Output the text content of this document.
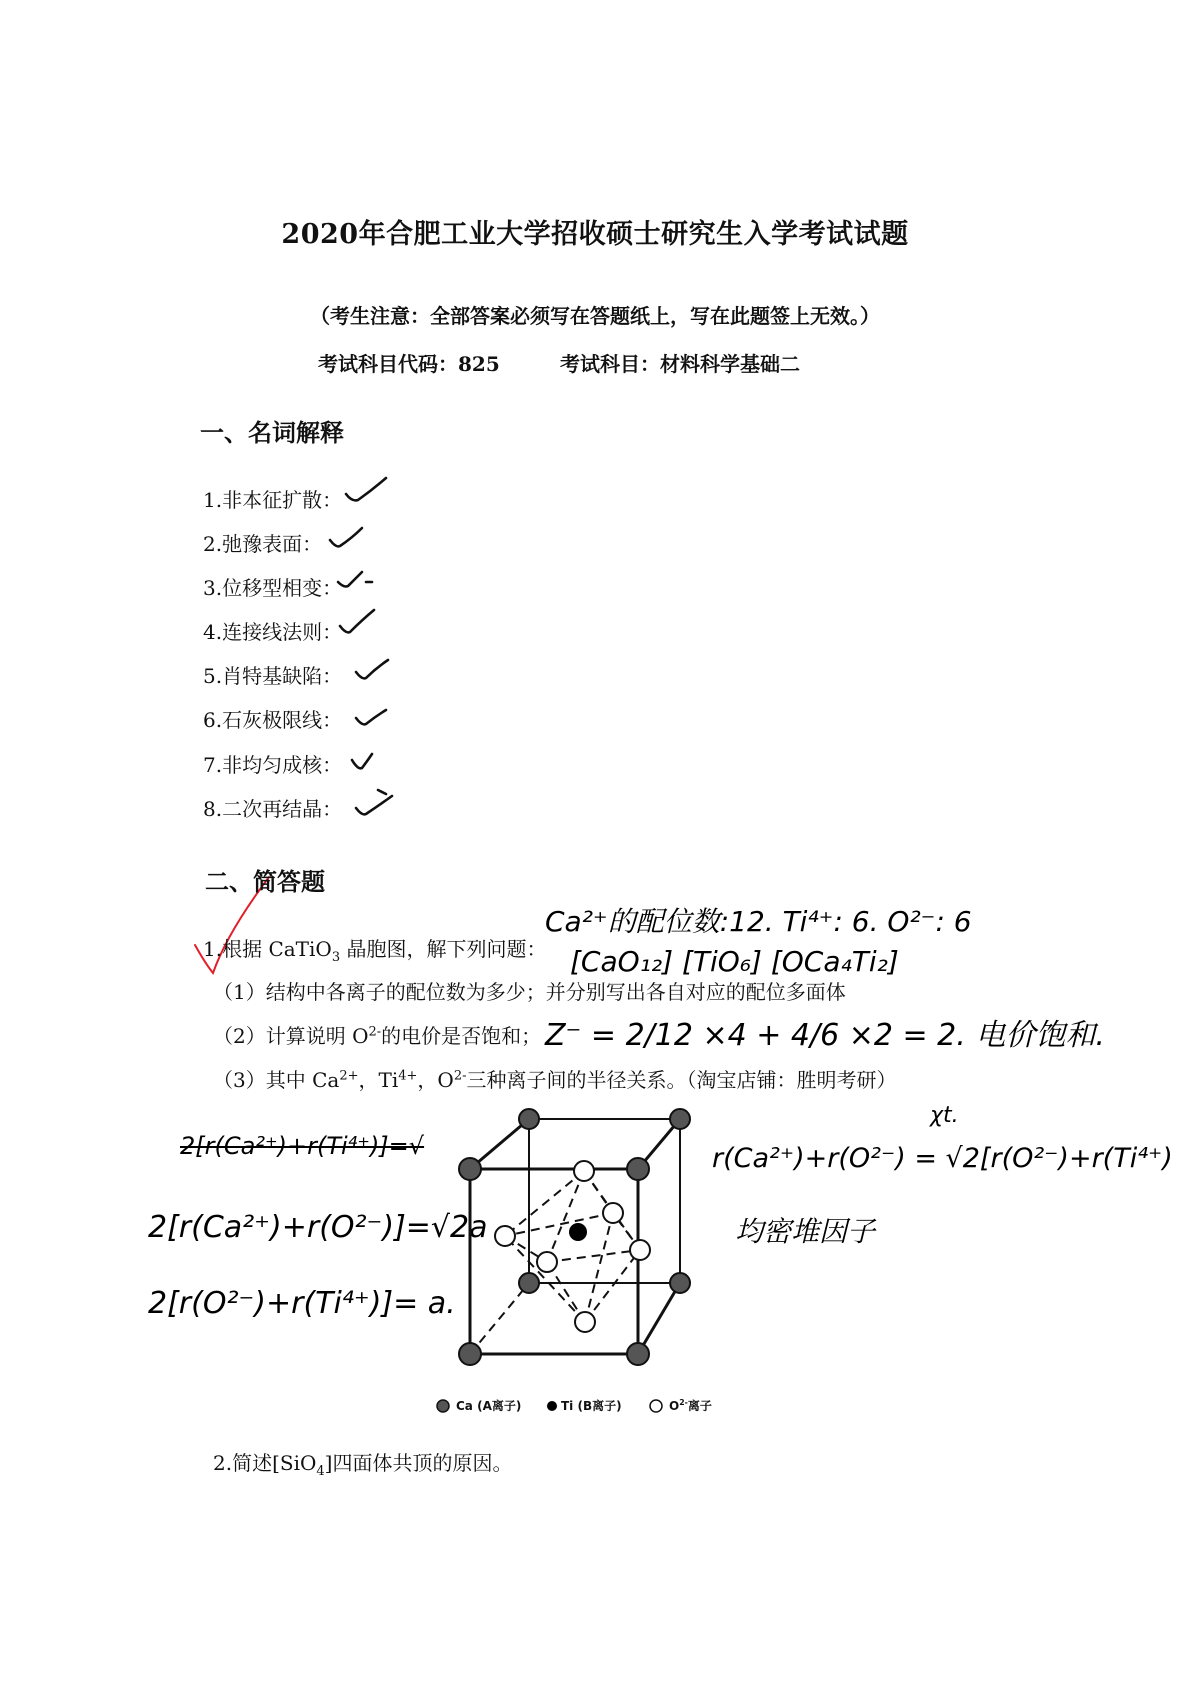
2020年合肥工业大学招收硕士研究生入学考试试题
（考生注意：全部答案必须写在答题纸上，写在此题签上无效。）
考试科目代码：825	考试科目：材料科学基础二
一、名词解释
1.非本征扩散：
2.弛豫表面：
3.位移型相变：
4.连接线法则：
5.肖特基缺陷：
6.石灰极限线：
7.非均匀成核：
8.二次再结晶：
二、简答题
1.根据 CaTiO$_3$ 晶胞图，解下列问题：
（1）结构中各离子的配位数为多少；并分别写出各自对应的配位多面体
（2）计算说明 $O^{2-}$的电价是否饱和；
（3）其中 $Ca^{2+}$，$Ti^{4+}$，$O^{2-}$三种离子间的半径关系。（淘宝店铺：胜明考研）
Ca²⁺的配位数:12. Ti⁴⁺: 6. O²⁻: 6
[CaO₁₂] [TiO₆] [OCa₄Ti₂]
Z⁻ = 2/12 ×4 + 4/6 ×2 = 2. 电价饱和.
2[r(Ca²⁺)+r(Ti⁴⁺)]=√
2[r(Ca²⁺)+r(O²⁻)]=√2a
2[r(O²⁻)+r(Ti⁴⁺)]= a.
χt.
r(Ca²⁺)+r(O²⁻) = √2[r(O²⁻)+r(Ti⁴⁺)
均密堆因子
Ca (A离子)	Ti (B离子)	$O^{2-}$离子
2.简述[SiO$_4$]四面体共顶的原因。
